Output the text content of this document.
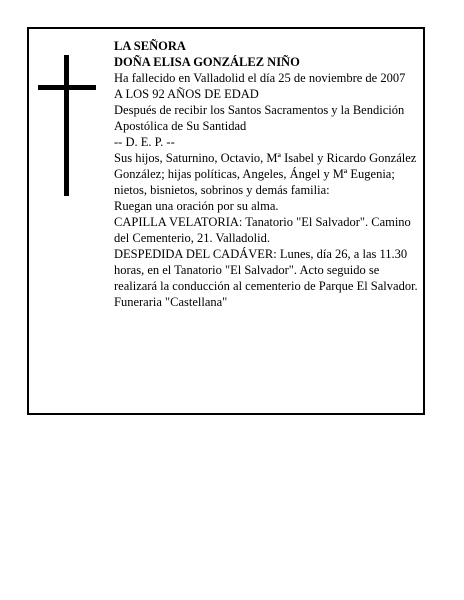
LA SEÑORA

DOÑA ELISA GONZÁLEZ NIÑO

Ha fallecido en Valladolid el día 25 de noviembre de 2007

A LOS 92 AÑOS DE EDAD

Después de recibir los Santos Sacramentos y la Bendición Apostólica de Su Santidad

-- D. E. P. --

Sus hijos, Saturnino, Octavio, Mª Isabel y Ricardo González González; hijas políticas, Angeles, Ángel y Mª Eugenia; nietos, bisnietos, sobrinos y demás familia:

Ruegan una oración por su alma.

CAPILLA VELATORIA: Tanatorio "El Salvador". Camino del Cementerio, 21. Valladolid.

DESPEDIDA DEL CADÁVER: Lunes, día 26, a las 11.30 horas, en el Tanatorio "El Salvador". Acto seguido se realizará la conducción al cementerio de Parque El Salvador.

Funeraria "Castellana"
